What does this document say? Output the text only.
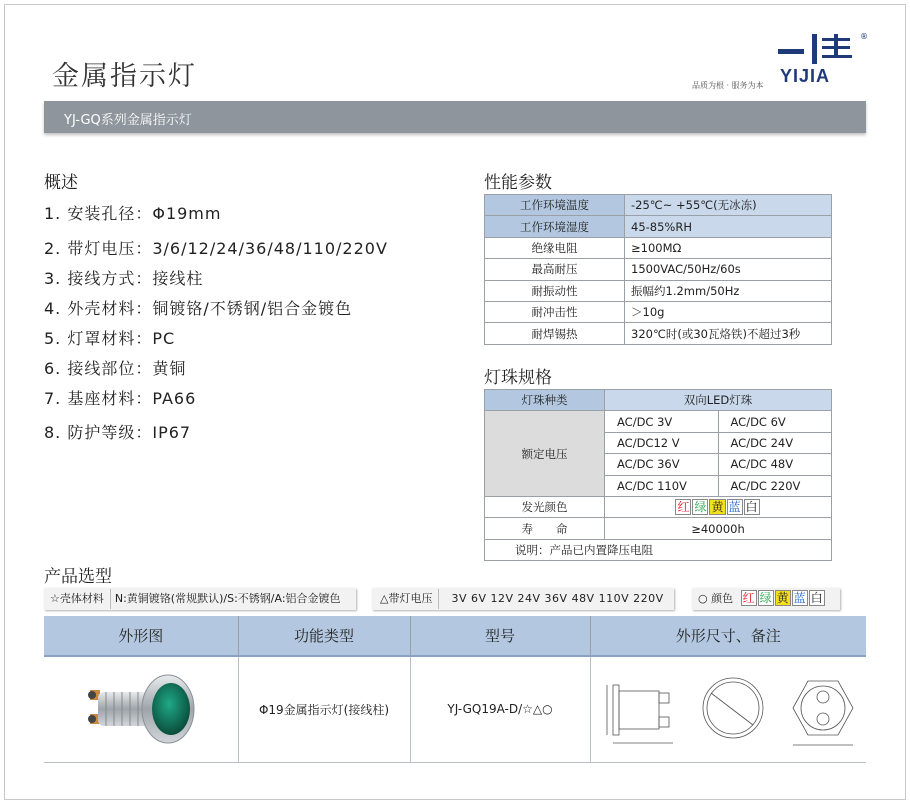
金属指示灯	YIJIA
®
品质为根 · 服务为本
YJ-GQ系列金属指示灯
概述
1. 安装孔径：Φ19mm
2. 带灯电压：3/6/12/24/36/48/110/220V
3. 接线方式：接线柱
4. 外壳材料：铜镀铬/不锈钢/铝合金镀色
5. 灯罩材料：PC
6. 接线部位：黄铜
7. 基座材料：PA66
8. 防护等级：IP67
性能参数
工作环境温度	-25℃~ +55℃(无冰冻)
工作环境湿度	45-85%RH
绝缘电阻	≥100MΩ
最高耐压	1500VAC/50Hz/60s
耐振动性	振幅约1.2mm/50Hz
耐冲击性	＞10g
耐焊锡热	320℃时(或30瓦烙铁)不超过3秒
灯珠规格
灯珠种类	双向LED灯珠	
额定电压	AC/DC 3V	AC/DC 6V
	AC/DC12 V	AC/DC 24V
	AC/DC 36V	AC/DC 48V
	AC/DC 110V	AC/DC 220V
发光颜色	红 绿 黄 蓝 白	
寿　　命	≥40000h	
说明：产品已内置降压电阻		
产品选型
☆壳体材料 N:黄铜镀铬(常规默认)/S:不锈钢/A:铝合金镀色	△带灯电压 3V 6V 12V 24V 36V 48V 110V 220V	○ 颜色 红 绿 黄 蓝 白
外形图	功能类型	型号	外形尺寸、备注
	Φ19金属指示灯(接线柱)	YJ-GQ19A-D/☆△○	
